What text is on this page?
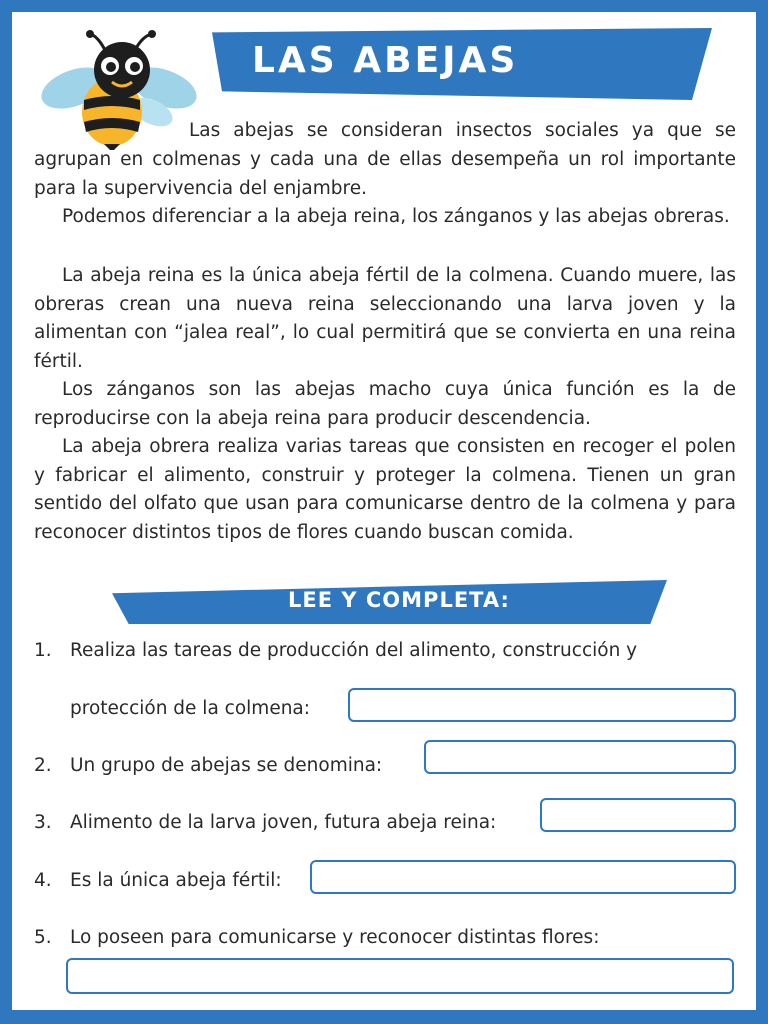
LAS ABEJAS

Las abejas se consideran insectos sociales ya que se agrupan en colmenas y cada una de ellas desempeña un rol importante para la supervivencia del enjambre.

Podemos diferenciar a la abeja reina, los zánganos y las abejas obreras.

La abeja reina es la única abeja fértil de la colmena. Cuando muere, las obreras crean una nueva reina seleccionando una larva joven y la alimentan con “jalea real”, lo cual permitirá que se convierta en una reina fértil.

Los zánganos son las abejas macho cuya única función es la de reproducirse con la abeja reina para producir descendencia.

La abeja obrera realiza varias tareas que consisten en recoger el polen y fabricar el alimento, construir y proteger la colmena. Tienen un gran sentido del olfato que usan para comunicarse dentro de la colmena y para reconocer distintos tipos de flores cuando buscan comida.

LEE Y COMPLETA:
1. Realiza las tareas de producción del alimento, construcción y
protección de la colmena:
2. Un grupo de abejas se denomina:
3. Alimento de la larva joven, futura abeja reina:
4. Es la única abeja fértil:
5. Lo poseen para comunicarse y reconocer distintas flores:
